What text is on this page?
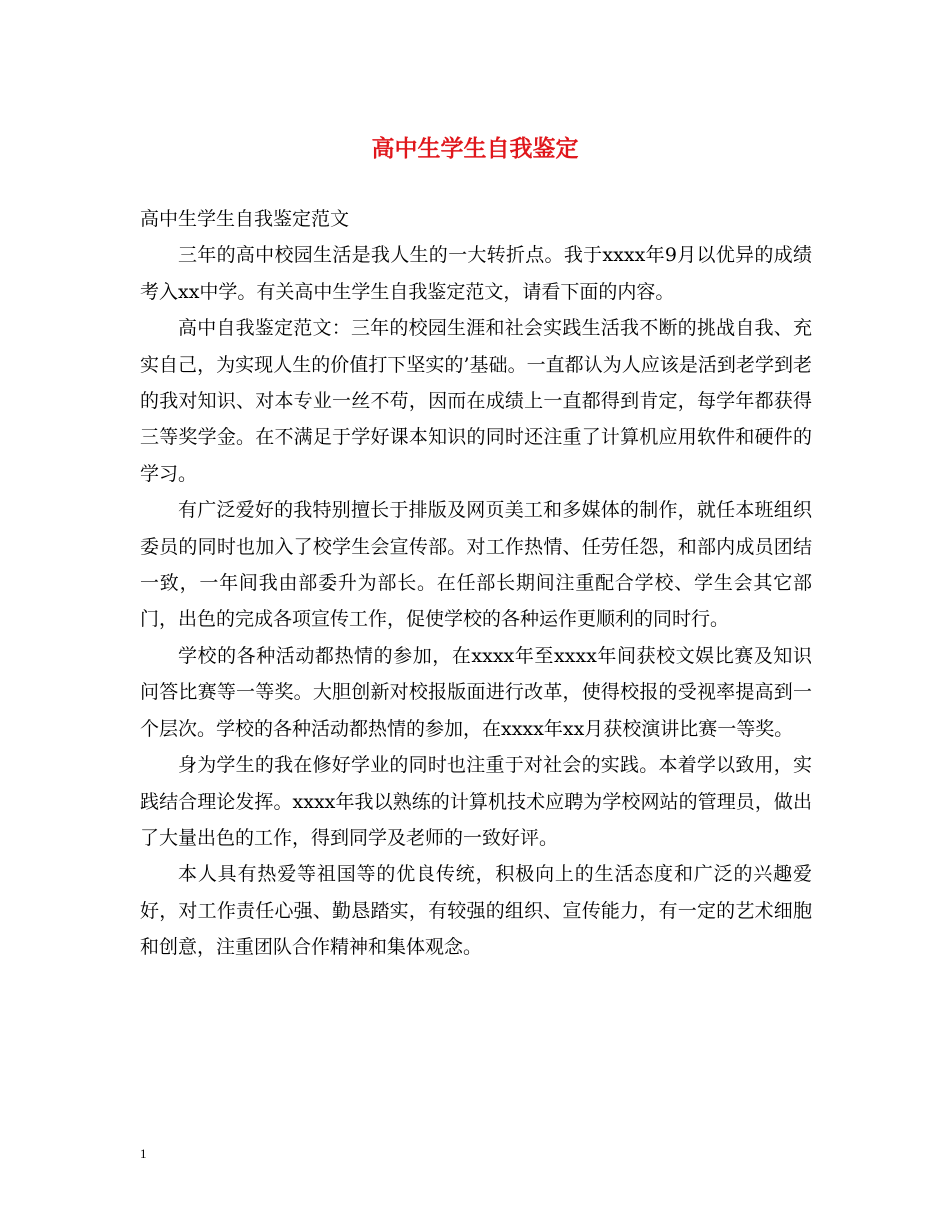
高中生学生自我鉴定

高中生学生自我鉴定范文

三年的高中校园生活是我人生的一大转折点。我于xxxx年9月以优异的成绩考入xx中学。有关高中生学生自我鉴定范文，请看下面的内容。

高中自我鉴定范文：三年的校园生涯和社会实践生活我不断的挑战自我、充实自己，为实现人生的价值打下坚实的’基础。一直都认为人应该是活到老学到老的我对知识、对本专业一丝不苟，因而在成绩上一直都得到肯定，每学年都获得三等奖学金。在不满足于学好课本知识的同时还注重了计算机应用软件和硬件的学习。

有广泛爱好的我特别擅长于排版及网页美工和多媒体的制作，就任本班组织委员的同时也加入了校学生会宣传部。对工作热情、任劳任怨，和部内成员团结一致，一年间我由部委升为部长。在任部长期间注重配合学校、学生会其它部门，出色的完成各项宣传工作，促使学校的各种运作更顺利的同时行。

学校的各种活动都热情的参加，在xxxx年至xxxx年间获校文娱比赛及知识问答比赛等一等奖。大胆创新对校报版面进行改革，使得校报的受视率提高到一个层次。学校的各种活动都热情的参加，在xxxx年xx月获校演讲比赛一等奖。

身为学生的我在修好学业的同时也注重于对社会的实践。本着学以致用，实践结合理论发挥。xxxx年我以熟练的计算机技术应聘为学校网站的管理员，做出了大量出色的工作，得到同学及老师的一致好评。

本人具有热爱等祖国等的优良传统，积极向上的生活态度和广泛的兴趣爱好，对工作责任心强、勤恳踏实，有较强的组织、宣传能力，有一定的艺术细胞和创意，注重团队合作精神和集体观念。

1
